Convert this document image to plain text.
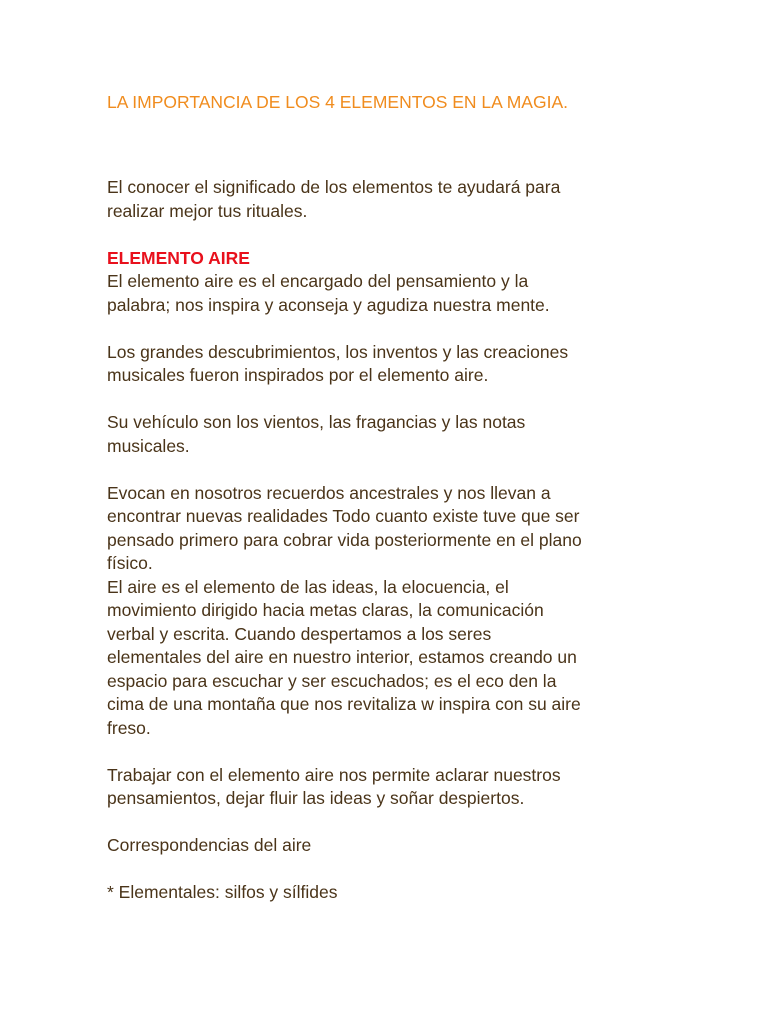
LA IMPORTANCIA DE LOS 4 ELEMENTOS EN LA MAGIA.

El conocer el significado de los elementos te ayudará para
realizar mejor tus rituales.

ELEMENTO AIRE

El elemento aire es el encargado del pensamiento y la
palabra; nos inspira y aconseja y agudiza nuestra mente.

Los grandes descubrimientos, los inventos y las creaciones
musicales fueron inspirados por el elemento aire.

Su vehículo son los vientos, las fragancias y las notas
musicales.

Evocan en nosotros recuerdos ancestrales y nos llevan a
encontrar nuevas realidades Todo cuanto existe tuve que ser
pensado primero para cobrar vida posteriormente en el plano
físico.
El aire es el elemento de las ideas, la elocuencia, el
movimiento dirigido hacia metas claras, la comunicación
verbal y escrita. Cuando despertamos a los seres
elementales del aire en nuestro interior, estamos creando un
espacio para escuchar y ser escuchados; es el eco den la
cima de una montaña que nos revitaliza w inspira con su aire
freso.

Trabajar con el elemento aire nos permite aclarar nuestros
pensamientos, dejar fluir las ideas y soñar despiertos.

Correspondencias del aire

* Elementales: silfos y sílfides
